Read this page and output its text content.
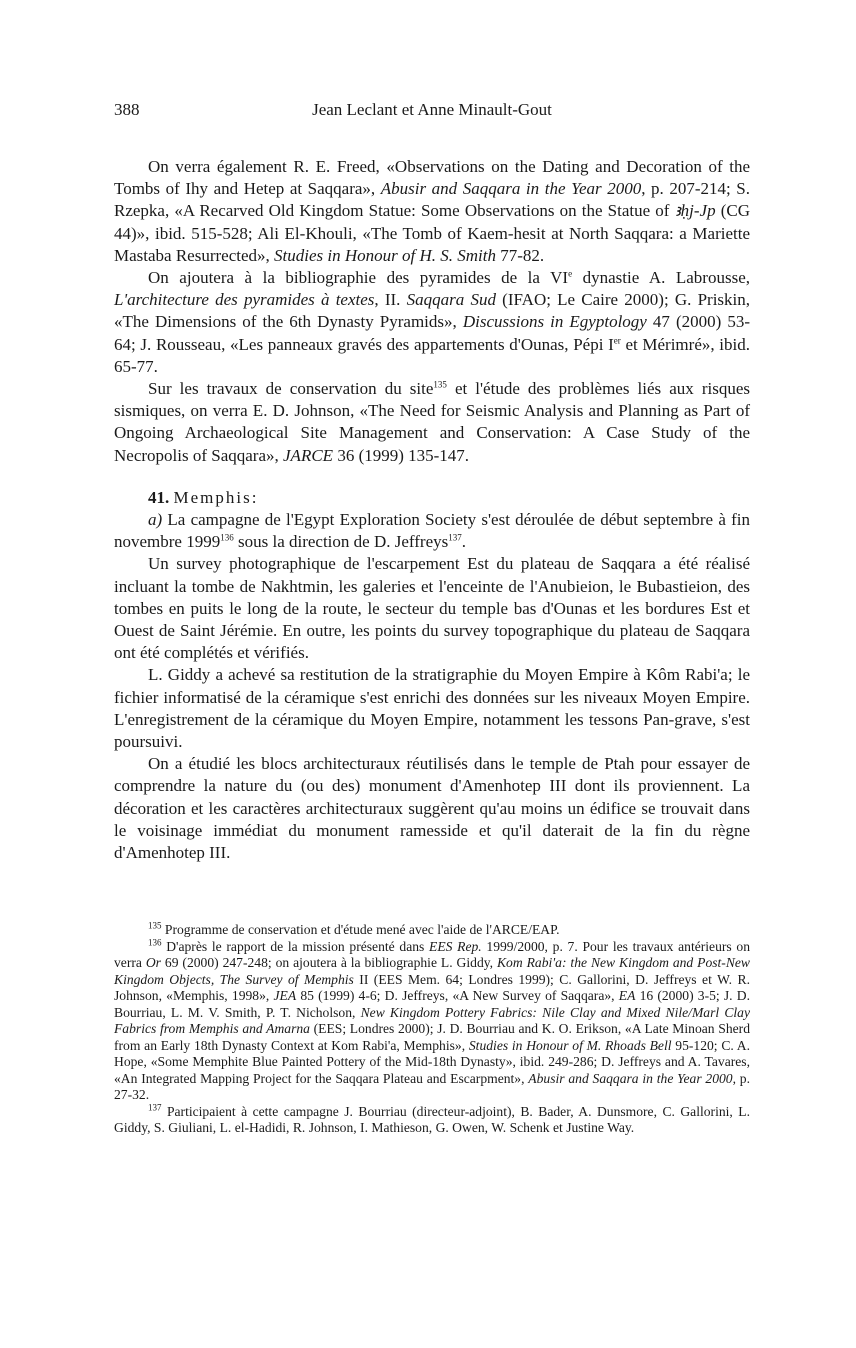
388	Jean Leclant et Anne Minault-Gout

On verra également R. E. Freed, «Observations on the Dating and Decoration of the Tombs of Ihy and Hetep at Saqqara», Abusir and Saqqara in the Year 2000, p. 207-214; S. Rzepka, «A Recarved Old Kingdom Statue: Some Observations on the Statue of ꜣḥj-Jp (CG 44)», ibid. 515-528; Ali El-Khouli, «The Tomb of Kaem-hesit at North Saqqara: a Mariette Mastaba Resurrected», Studies in Honour of H. S. Smith 77-82.

On ajoutera à la bibliographie des pyramides de la VIe dynastie A. Labrousse, L'architecture des pyramides à textes, II. Saqqara Sud (IFAO; Le Caire 2000); G. Priskin, «The Dimensions of the 6th Dynasty Pyramids», Discussions in Egyptology 47 (2000) 53-64; J. Rousseau, «Les panneaux gravés des appartements d'Ounas, Pépi Ier et Mérimré», ibid. 65-77.

Sur les travaux de conservation du site$^{135}$ et l'étude des problèmes liés aux risques sismiques, on verra E. D. Johnson, «The Need for Seismic Analysis and Planning as Part of Ongoing Archaeological Site Management and Conservation: A Case Study of the Necropolis of Saqqara», JARCE 36 (1999) 135-147.

41. Memphis:

a) La campagne de l'Egypt Exploration Society s'est déroulée de début septembre à fin novembre 1999$^{136}$ sous la direction de D. Jeffreys$^{137}$.

Un survey photographique de l'escarpement Est du plateau de Saqqara a été réalisé incluant la tombe de Nakhtmin, les galeries et l'enceinte de l'Anubieion, le Bubastieion, des tombes en puits le long de la route, le secteur du temple bas d'Ounas et les bordures Est et Ouest de Saint Jérémie. En outre, les points du survey topographique du plateau de Saqqara ont été complétés et vérifiés.

L. Giddy a achevé sa restitution de la stratigraphie du Moyen Empire à Kôm Rabi'a; le fichier informatisé de la céramique s'est enrichi des données sur les niveaux Moyen Empire. L'enregistrement de la céramique du Moyen Empire, notamment les tessons Pan-grave, s'est poursuivi.

On a étudié les blocs architecturaux réutilisés dans le temple de Ptah pour essayer de comprendre la nature du (ou des) monument d'Amenhotep III dont ils proviennent. La décoration et les caractères architecturaux suggèrent qu'au moins un édifice se trouvait dans le voisinage immédiat du monument ramesside et qu'il daterait de la fin du règne d'Amenhotep III.

$^{135}$ Programme de conservation et d'étude mené avec l'aide de l'ARCE/EAP.

$^{136}$ D'après le rapport de la mission présenté dans EES Rep. 1999/2000, p. 7. Pour les travaux antérieurs on verra Or 69 (2000) 247-248; on ajoutera à la bibliographie L. Giddy, Kom Rabi'a: the New Kingdom and Post-New Kingdom Objects, The Survey of Memphis II (EES Mem. 64; Londres 1999); C. Gallorini, D. Jeffreys et W. R. Johnson, «Memphis, 1998», JEA 85 (1999) 4-6; D. Jeffreys, «A New Survey of Saqqara», EA 16 (2000) 3-5; J. D. Bourriau, L. M. V. Smith, P. T. Nicholson, New Kingdom Pottery Fabrics: Nile Clay and Mixed Nile/Marl Clay Fabrics from Memphis and Amarna (EES; Londres 2000); J. D. Bourriau and K. O. Erikson, «A Late Minoan Sherd from an Early 18th Dynasty Context at Kom Rabi'a, Memphis», Studies in Honour of M. Rhoads Bell 95-120; C. A. Hope, «Some Memphite Blue Painted Pottery of the Mid-18th Dynasty», ibid. 249-286; D. Jeffreys and A. Tavares, «An Integrated Mapping Project for the Saqqara Plateau and Escarpment», Abusir and Saqqara in the Year 2000, p. 27-32.

$^{137}$ Participaient à cette campagne J. Bourriau (directeur-adjoint), B. Bader, A. Dunsmore, C. Gallorini, L. Giddy, S. Giuliani, L. el-Hadidi, R. Johnson, I. Mathieson, G. Owen, W. Schenk et Justine Way.
